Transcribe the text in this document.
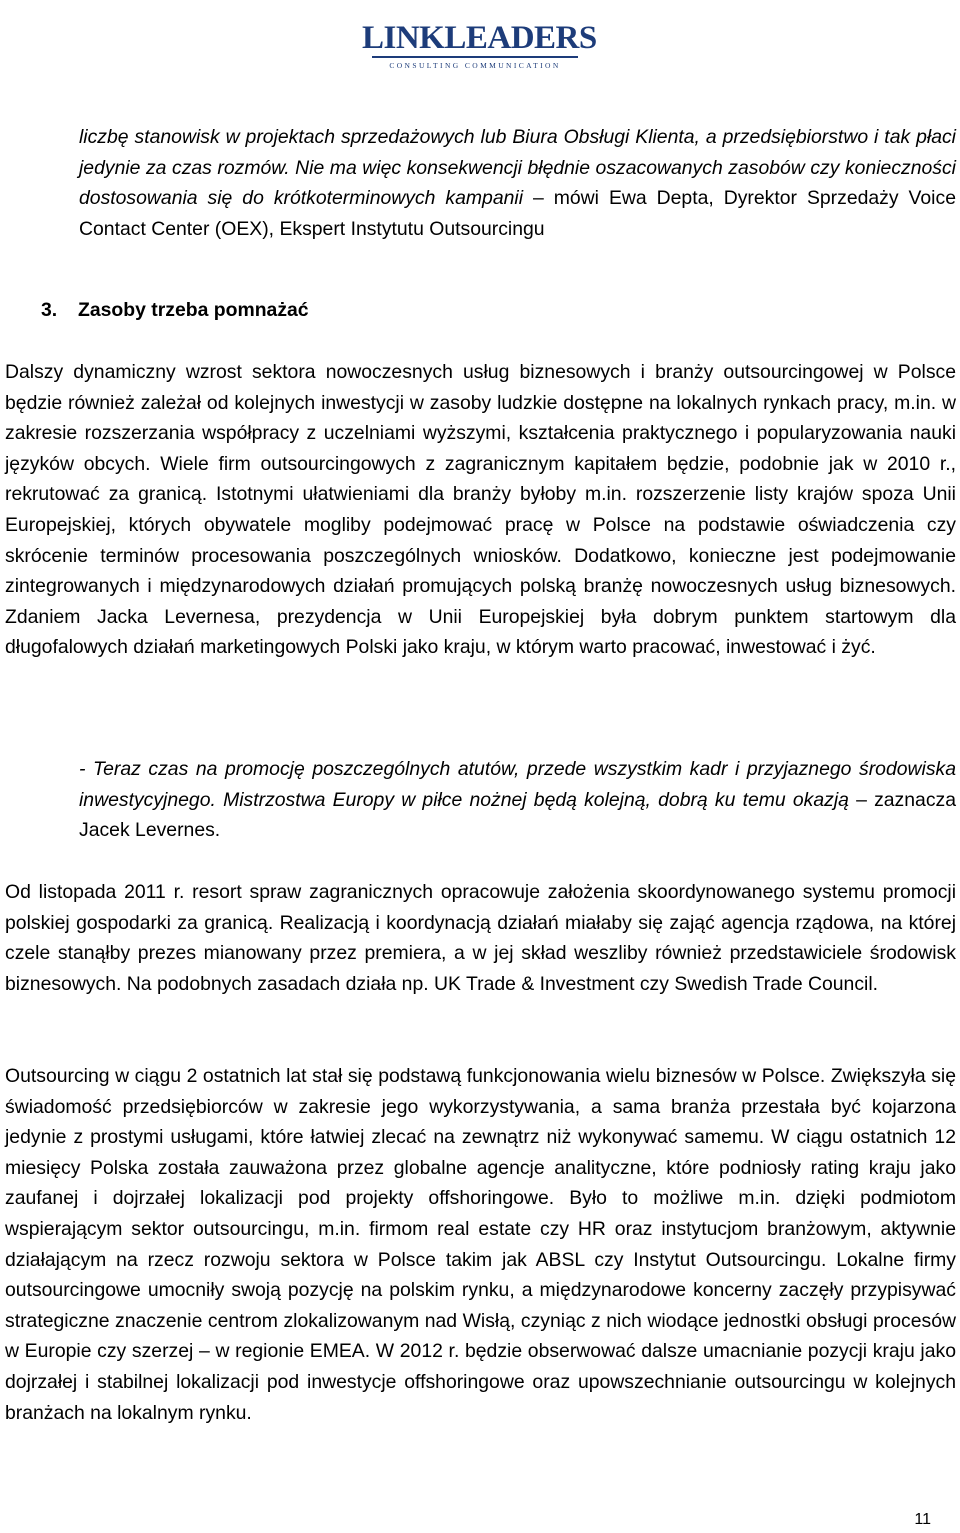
LINKLEADERS
CONSULTING COMMUNICATION

liczbę stanowisk w projektach sprzedażowych lub Biura Obsługi Klienta, a przedsiębiorstwo i tak płaci jedynie za czas rozmów. Nie ma więc konsekwencji błędnie oszacowanych zasobów czy konieczności dostosowania się do krótkoterminowych kampanii – mówi Ewa Depta, Dyrektor Sprzedaży Voice Contact Center (OEX), Ekspert Instytutu Outsourcingu

3. Zasoby trzeba pomnażać

Dalszy dynamiczny wzrost sektora nowoczesnych usług biznesowych i branży outsourcingowej w Polsce będzie również zależał od kolejnych inwestycji w zasoby ludzkie dostępne na lokalnych rynkach pracy, m.in. w zakresie rozszerzania współpracy z uczelniami wyższymi, kształcenia praktycznego i popularyzowania nauki języków obcych. Wiele firm outsourcingowych z zagranicznym kapitałem będzie, podobnie jak w 2010 r., rekrutować za granicą. Istotnymi ułatwieniami dla branży byłoby m.in. rozszerzenie listy krajów spoza Unii Europejskiej, których obywatele mogliby podejmować pracę w Polsce na podstawie oświadczenia czy skrócenie terminów procesowania poszczególnych wniosków. Dodatkowo, konieczne jest podejmowanie zintegrowanych i międzynarodowych działań promujących polską branżę nowoczesnych usług biznesowych. Zdaniem Jacka Levernesa, prezydencja w Unii Europejskiej była dobrym punktem startowym dla długofalowych działań marketingowych Polski jako kraju, w którym warto pracować, inwestować i żyć.

- Teraz czas na promocję poszczególnych atutów, przede wszystkim kadr i przyjaznego środowiska inwestycyjnego. Mistrzostwa Europy w piłce nożnej będą kolejną, dobrą ku temu okazją – zaznacza Jacek Levernes.

Od listopada 2011 r. resort spraw zagranicznych opracowuje założenia skoordynowanego systemu promocji polskiej gospodarki za granicą. Realizacją i koordynacją działań miałaby się zająć agencja rządowa, na której czele stanąłby prezes mianowany przez premiera, a w jej skład weszliby również przedstawiciele środowisk biznesowych. Na podobnych zasadach działa np. UK Trade & Investment czy Swedish Trade Council.

Outsourcing w ciągu 2 ostatnich lat stał się podstawą funkcjonowania wielu biznesów w Polsce. Zwiększyła się świadomość przedsiębiorców w zakresie jego wykorzystywania, a sama branża przestała być kojarzona jedynie z prostymi usługami, które łatwiej zlecać na zewnątrz niż wykonywać samemu. W ciągu ostatnich 12 miesięcy Polska została zauważona przez globalne agencje analityczne, które podniosły rating kraju jako zaufanej i dojrzałej lokalizacji pod projekty offshoringowe. Było to możliwe m.in. dzięki podmiotom wspierającym sektor outsourcingu, m.in. firmom real estate czy HR oraz instytucjom branżowym, aktywnie działającym na rzecz rozwoju sektora w Polsce takim jak ABSL czy Instytut Outsourcingu. Lokalne firmy outsourcingowe umocniły swoją pozycję na polskim rynku, a międzynarodowe koncerny zaczęły przypisywać strategiczne znaczenie centrom zlokalizowanym nad Wisłą, czyniąc z nich wiodące jednostki obsługi procesów w Europie czy szerzej – w regionie EMEA. W 2012 r. będzie obserwować dalsze umacnianie pozycji kraju jako dojrzałej i stabilnej lokalizacji pod inwestycje offshoringowe oraz upowszechnianie outsourcingu w kolejnych branżach na lokalnym rynku.

11
